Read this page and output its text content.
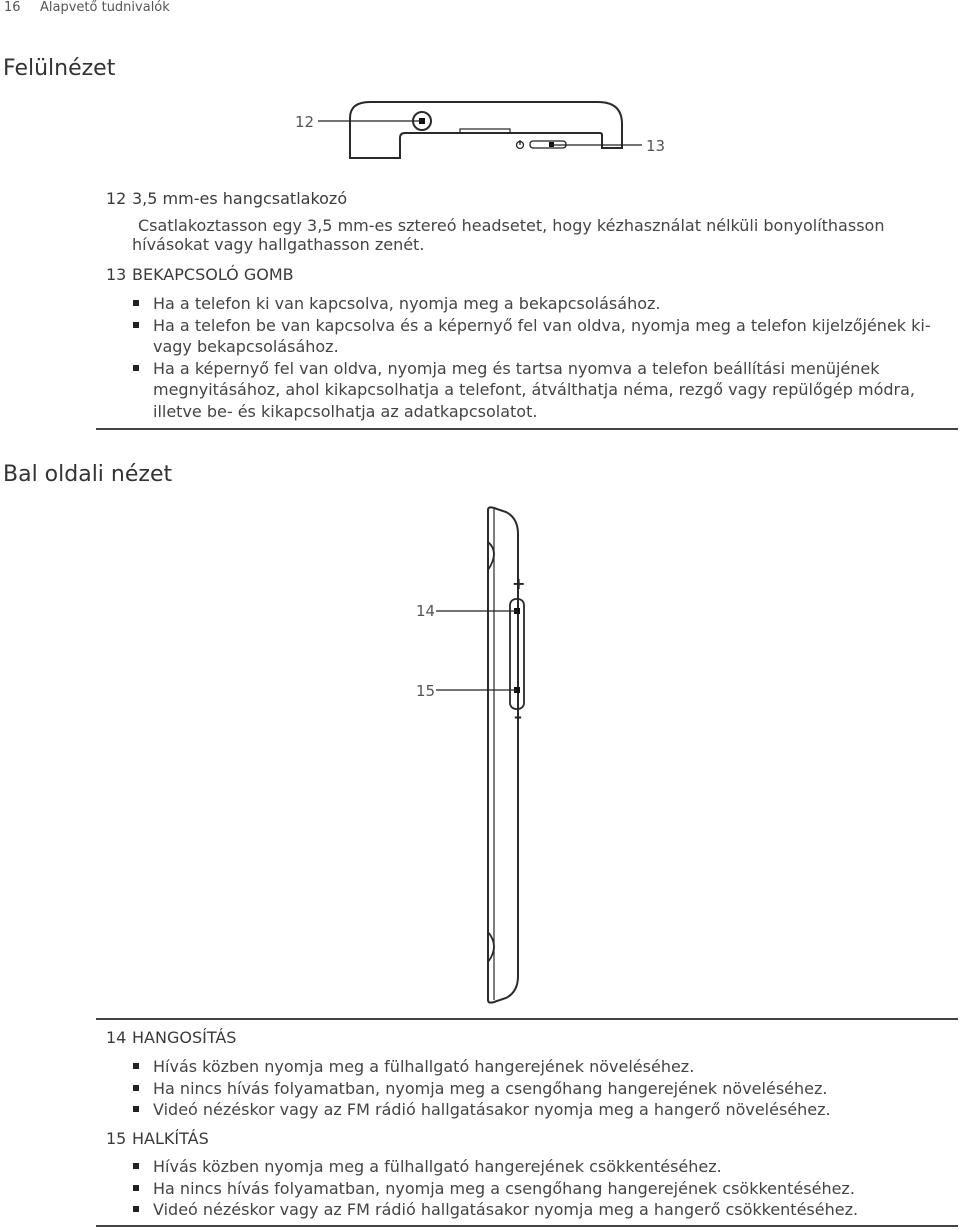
16 Alapvető tudnivalók
Felülnézet
12
13
12 3,5 mm-es hangcsatlakozó
Csatlakoztasson egy 3,5 mm-es sztereó headsetet, hogy kézhasználat nélküli bonyolíthasson hívásokat vagy hallgathasson zenét.
13 BEKAPCSOLÓ GOMB
Ha a telefon ki van kapcsolva, nyomja meg a bekapcsolásához.
Ha a telefon be van kapcsolva és a képernyő fel van oldva, nyomja meg a telefon kijelzőjének ki- vagy bekapcsolásához.
Ha a képernyő fel van oldva, nyomja meg és tartsa nyomva a telefon beállítási menüjének megnyitásához, ahol kikapcsolhatja a telefont, átválthatja néma, rezgő vagy repülőgép módra, illetve be- és kikapcsolhatja az adatkapcsolatot.
Bal oldali nézet
+
–
14
15
14 HANGOSÍTÁS
Hívás közben nyomja meg a fülhallgató hangerejének növeléséhez.
Ha nincs hívás folyamatban, nyomja meg a csengőhang hangerejének növeléséhez.
Videó nézéskor vagy az FM rádió hallgatásakor nyomja meg a hangerő növeléséhez.
15 HALKÍTÁS
Hívás közben nyomja meg a fülhallgató hangerejének csökkentéséhez.
Ha nincs hívás folyamatban, nyomja meg a csengőhang hangerejének csökkentéséhez.
Videó nézéskor vagy az FM rádió hallgatásakor nyomja meg a hangerő csökkentéséhez.
